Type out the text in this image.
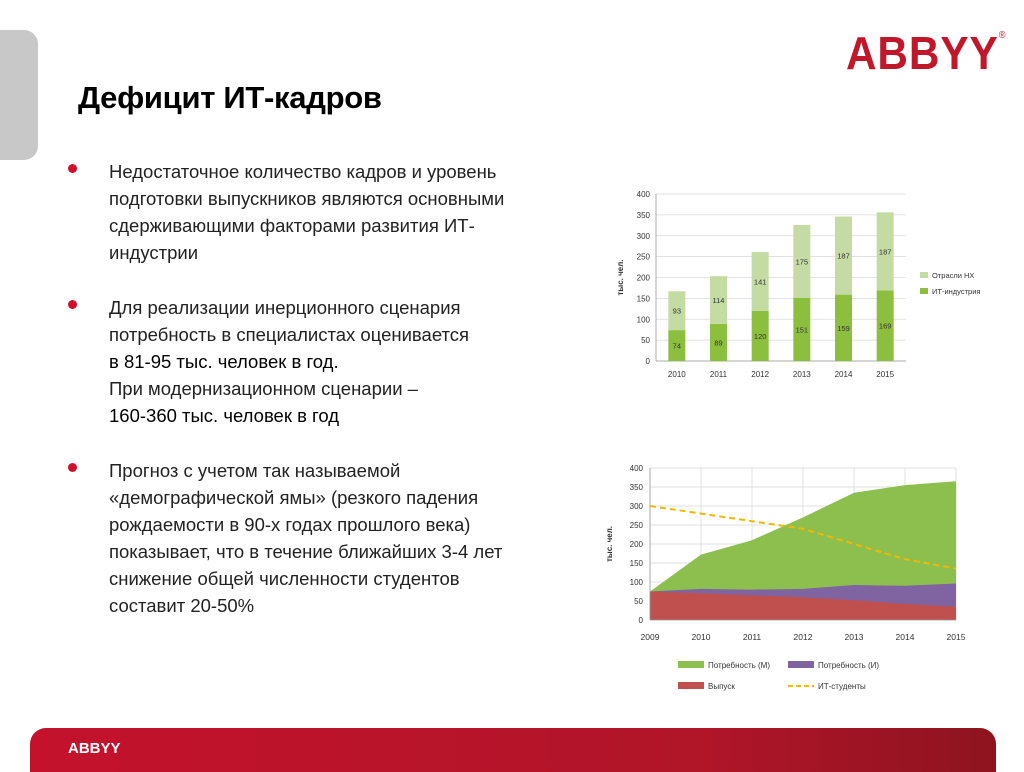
ABBYY®
Дефицит ИТ-кадров
Недостаточное количество кадров и уровень
подготовки выпускников являются основными
сдерживающими факторами развития ИТ-
индустрии
Для реализации инерционного сценария
потребность в специалистах оценивается
в 81-95 тыс. человек в год.
При модернизационном сценарии –
160-360 тыс. человек в год
Прогноз с учетом так называемой
«демографической ямы» (резкого падения
рождаемости в 90-х годах прошлого века)
показывает, что в течение ближайших 3-4 лет
снижение общей численности студентов
составит 20-50%
0
50
100
150
200
250
300
350
400
тыс. чел.
74
93
2010
89
114
2011
120
141
2012
151
175
2013
159
187
2014
169
187
2015
Отрасли НХ
ИТ-индустрия
0
50
100
150
200
250
300
350
400
тыс. чел.
2009	2010	2011	2012	2013	2014	2015
Потребность (М)	Потребность (И)
Выпуск	ИТ-студенты
ABBYY
